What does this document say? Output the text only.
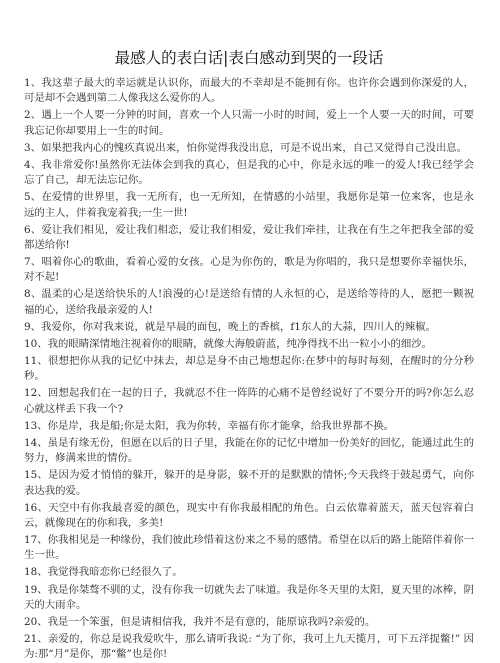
最感人的表白话|表白感动到哭的一段话

1、我这辈子最大的幸运就是认识你，而最大的不幸却是不能拥有你。也许你会遇到你深爱的人，可是却不会遇到第二人像我这么爱你的人。

2、遇上一个人要一分钟的时间，喜欢一个人只需一小时的时间，爱上一个人要一天的时间，可要我忘记你却要用上一生的时间。

3、如果把我内心的愧疚真说出来，怕你觉得我没出息，可是不说出来，自己又觉得自己没出息。

4、我非常爱你!虽然你无法体会到我的真心，但是我的心中，你是永远的唯一的爱人!我已经学会忘了自己，却无法忘记你。

5、在爱情的世界里，我一无所有，也一无所知，在情感的小站里，我愿你是第一位来客，也是永远的主人，伴着我宠着我;一生一世!

6、爱让我们相见，爱让我们相恋，爱让我们相爱，爱让我们牵挂，让我在有生之年把我全部的爱都送给你!

7、唱着你心的歌曲，看着心爱的女孩。心是为你伤的，歌是为你唱的，我只是想要你幸福快乐，对不起!

8、温柔的心是送给快乐的人!浪漫的心!是送给有情的人永恒的心，是送给等待的人，愿把一颗祝福的心，送给我最亲爱的人!

9、我爱你，你对我来说，就是早晨的面包，晚上的香槟，f1东人的大蒜，四川人的辣椒。

10、我的眼睛深情地注视着你的眼睛，就像大海般蔚蓝，纯净得找不出一粒小小的细沙。

11、很想把你从我的记忆中抹去，却总是身不由己地想起你:在梦中的每时每刻，在醒时的分分秒秒。

12、回想起我们在一起的日子，我就忍不住一阵阵的心痛不是曾经说好了不要分开的吗?你怎么忍心就这样丢下我一个?

13、你是岸，我是船;你是太阳，我为你转，幸福有你才能拿，给我世界都不换。

14、虽是有缘无份，但愿在以后的日子里，我能在你的记忆中增加一份美好的回忆，能通过此生的努力，修满来世的情份。

15、是因为爱才悄悄的躲开，躲开的是身影，躲不开的是默默的情怀;今天我终于鼓起勇气，向你表达我的爱。

16、天空中有你我最喜爱的颜色，现实中有你我最相配的角色。白云依靠着蓝天，蓝天包容着白云，就像现在的你和我，多美!

17、你我相见是一种缘份，我们彼此珍惜着这份来之不易的感情。希望在以后的路上能陪伴着你一生一世。

18、我觉得我暗恋你已经很久了。

19、我是你桀骜不驯的丈，没有你我一切就失去了味道。我是你冬天里的太阳，夏天里的冰棒，阴天的大雨伞。

20、我是一个笨蛋，但是请相信我，我并不是有意的，能原谅我吗?亲爱的。

21、亲爱的，你总是说我爱吹牛，那么请听我说: “为了你，我可上九天揽月，可下五洋捉鳖!” 因为:那“月”是你，那“鳖”也是你!
